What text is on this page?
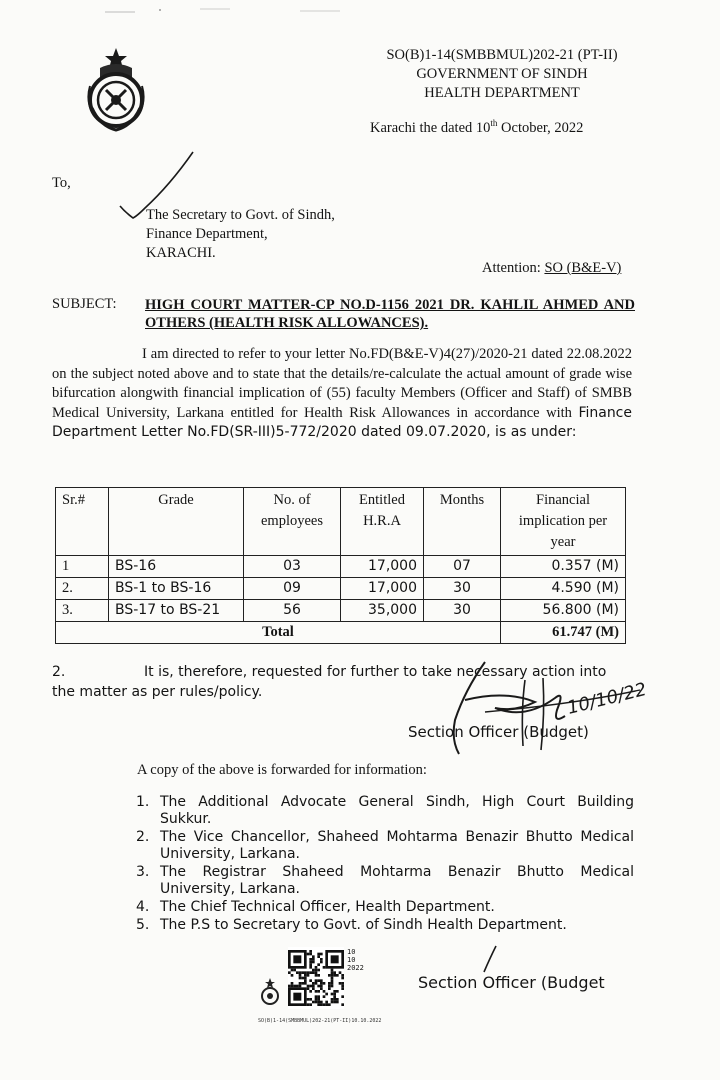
SO(B)1-14(SMBBMUL)202-21 (PT-II)
GOVERNMENT OF SINDH
HEALTH DEPARTMENT
Karachi the dated 10th October, 2022
To,
The Secretary to Govt. of Sindh,
Finance Department,
KARACHI.
Attention: SO (B&E-V)
SUBJECT: HIGH COURT MATTER-CP NO.D-1156 2021 DR. KAHLIL AHMED AND OTHERS (HEALTH RISK ALLOWANCES).
I am directed to refer to your letter No.FD(B&E-V)4(27)/2020-21 dated 22.08.2022 on the subject noted above and to state that the details/re-calculate the actual amount of grade wise bifurcation alongwith financial implication of (55) faculty Members (Officer and Staff) of SMBB Medical University, Larkana entitled for Health Risk Allowances in accordance with Finance Department Letter No.FD(SR-III)5-772/2020 dated 09.07.2020, is as under:
Sr.#	Grade	No. of employees	Entitled H.R.A	Months	Financial implication per year
1	BS-16	03	17,000	07	0.357 (M)
2.	BS-1 to BS-16	09	17,000	30	4.590 (M)
3.	BS-17 to BS-21	56	35,000	30	56.800 (M)
Total					61.747 (M)
2.	It is, therefore, requested for further to take necessary action into the matter as per rules/policy.	10/10/22
Section Officer (Budget)
A copy of the above is forwarded for information:
1. The Additional Advocate General Sindh, High Court Building Sukkur.
2. The Vice Chancellor, Shaheed Mohtarma Benazir Bhutto Medical University, Larkana.
3. The Registrar Shaheed Mohtarma Benazir Bhutto Medical University, Larkana.
4. The Chief Technical Officer, Health Department.
5. The P.S to Secretary to Govt. of Sindh Health Department.
10
10
2022
SO(B)1-14(SMBBMUL)202-21(PT-II)10.10.2022
Section Officer (Budget
